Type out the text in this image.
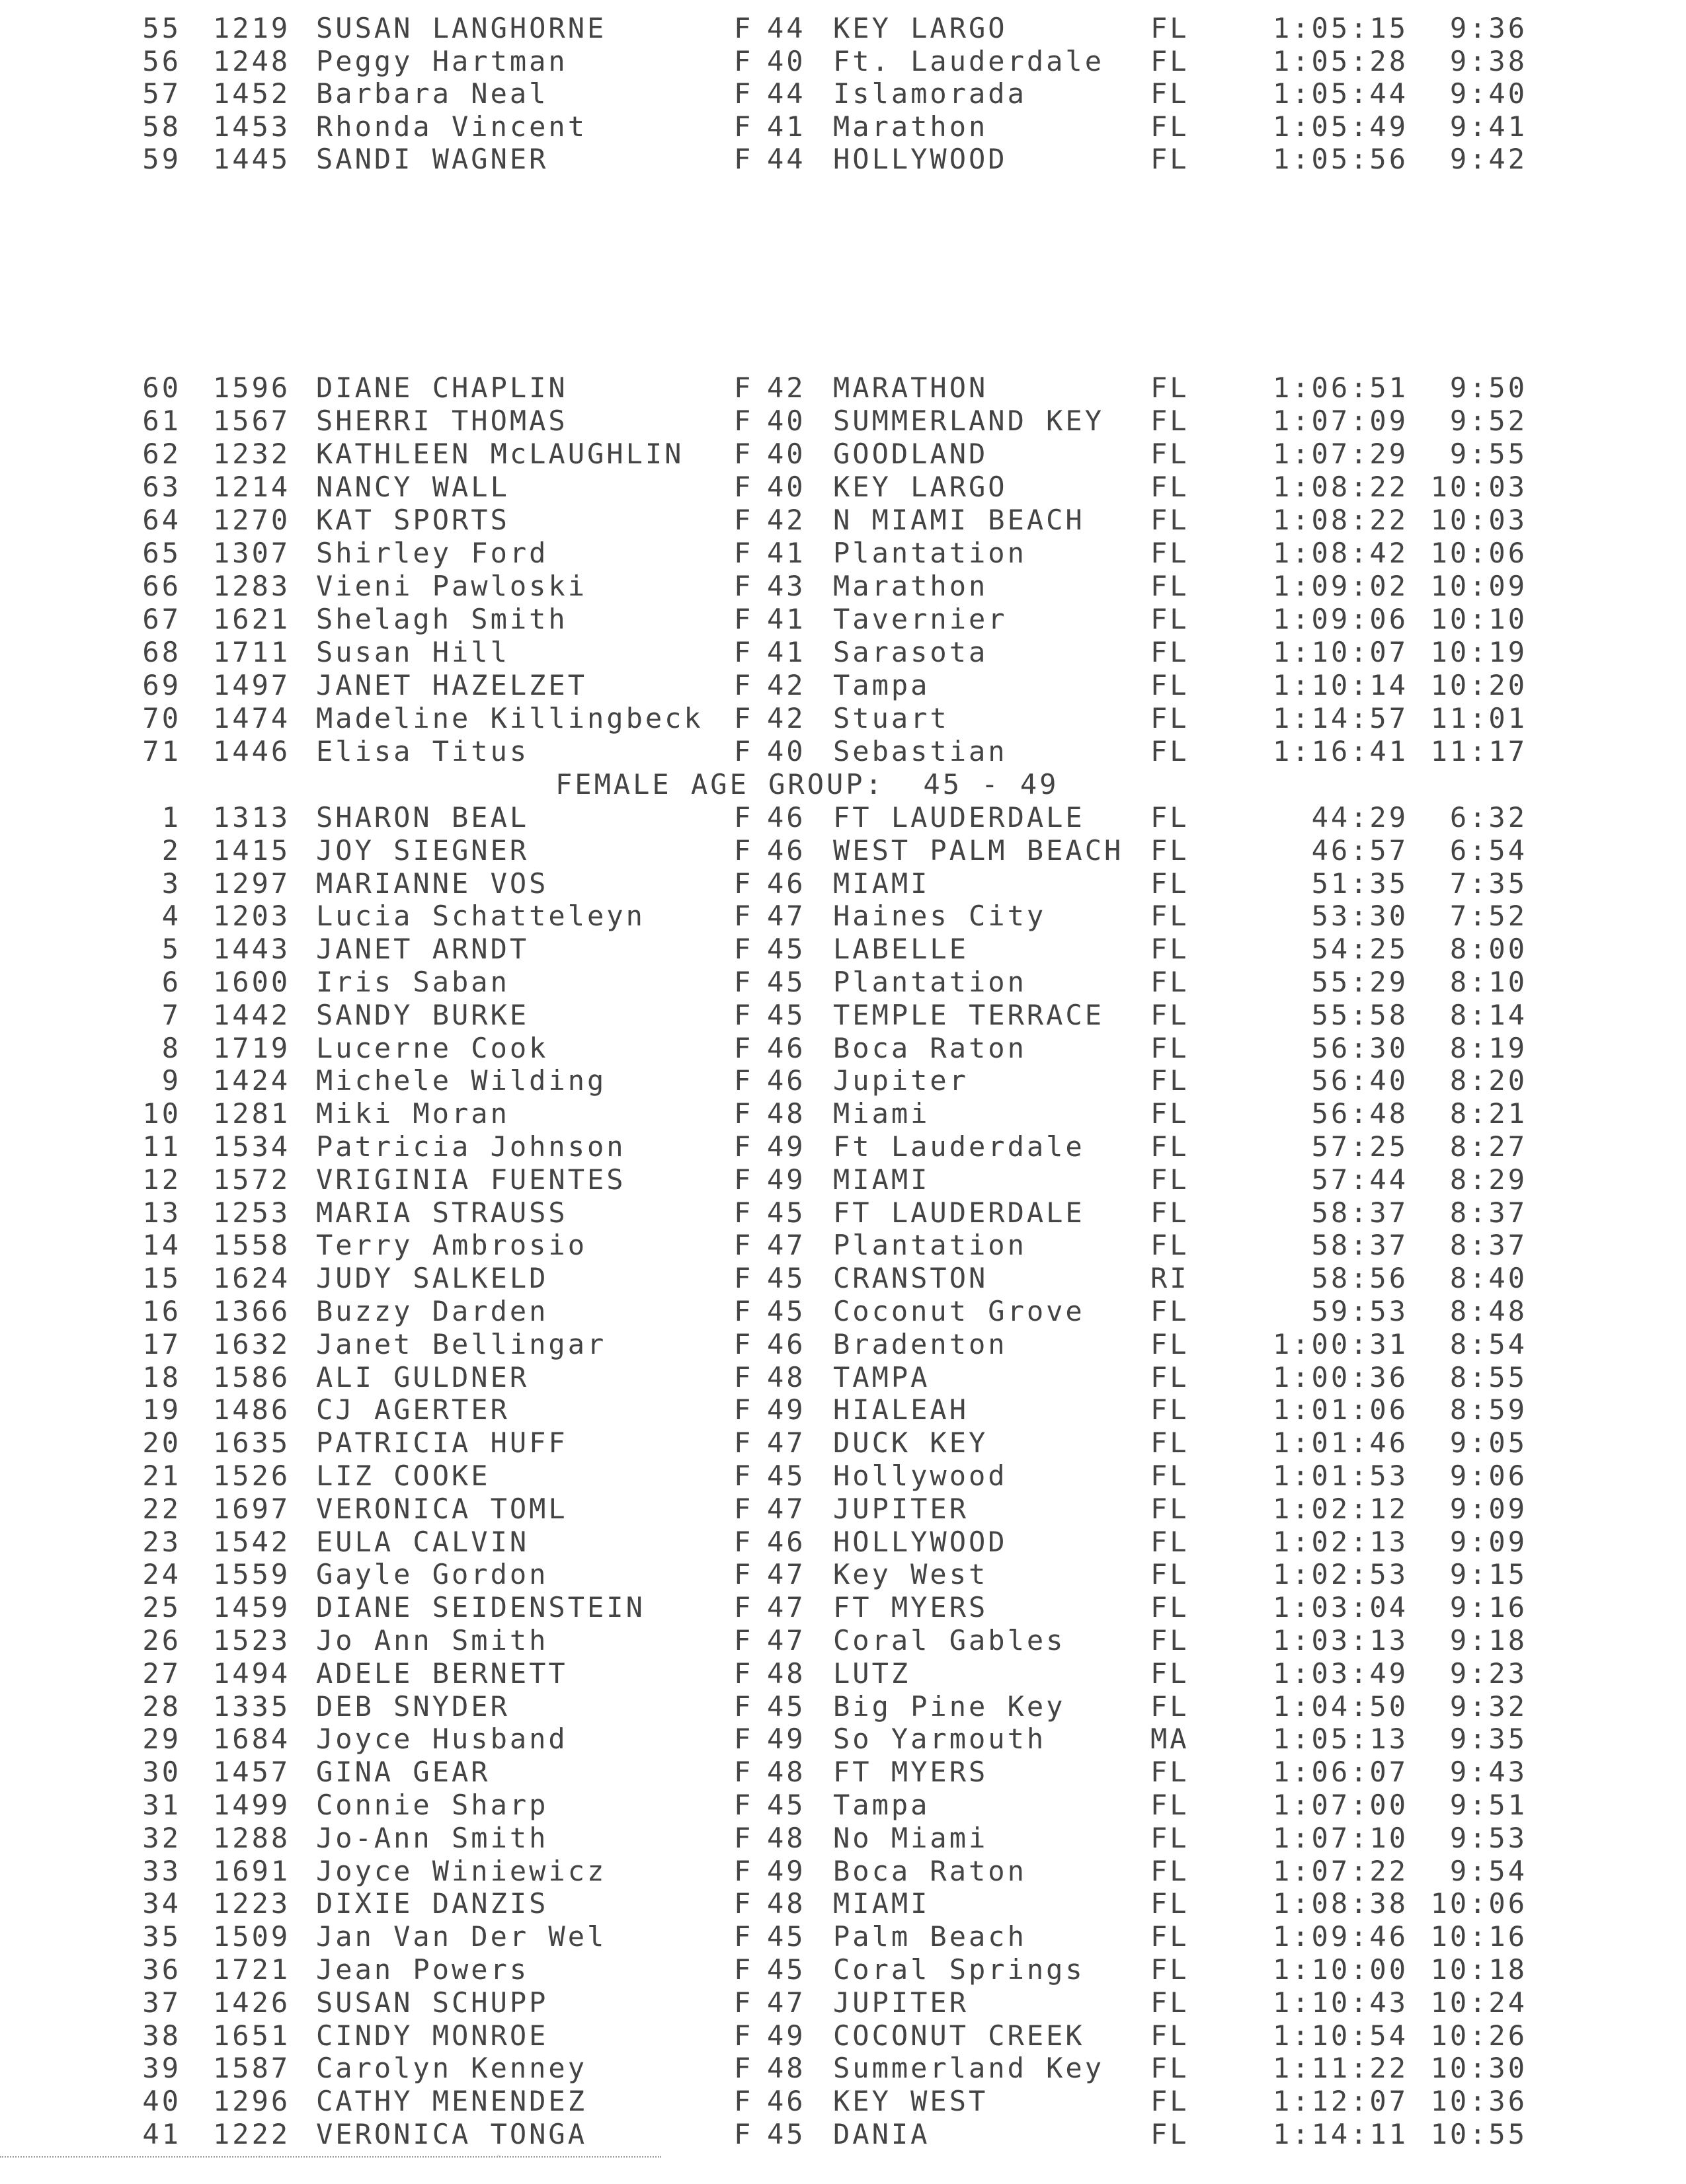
55 1219 SUSAN LANGHORNE	F 44 KEY LARGO	FL	1:05:15	9:36
56 1248 Peggy Hartman	F 40 Ft. Lauderdale FL	1:05:28	9:38
57 1452 Barbara Neal	F 44 Islamorada	FL	1:05:44	9:40
58 1453 Rhonda Vincent	F 41 Marathon	FL	1:05:49	9:41
59 1445 SANDI WAGNER	F 44 HOLLYWOOD	FL	1:05:56	9:42
60 1596 DIANE CHAPLIN	F 42 MARATHON	FL	1:06:51	9:50
61 1567 SHERRI THOMAS	F 40 SUMMERLAND KEY FL	1:07:09	9:52
62 1232 KATHLEEN McLAUGHLIN F 40 GOODLAND	FL	1:07:29	9:55
63 1214 NANCY WALL	F 40 KEY LARGO	FL	1:08:22 10:03
64 1270 KAT SPORTS	F 42 N MIAMI BEACH FL	1:08:22 10:03
65 1307 Shirley Ford	F 41 Plantation	FL	1:08:42 10:06
66 1283 Vieni Pawloski	F 43 Marathon	FL	1:09:02 10:09
67 1621 Shelagh Smith	F 41 Tavernier	FL	1:09:06 10:10
68 1711 Susan Hill	F 41 Sarasota	FL	1:10:07 10:19
69 1497 JANET HAZELZET	F 42 Tampa	FL	1:10:14 10:20
70 1474 Madeline Killingbeck F 42 Stuart	FL	1:14:57 11:01
71 1446 Elisa Titus	F 40 Sebastian	FL	1:16:41 11:17
FEMALE AGE GROUP:  45 - 49
1 1313 SHARON BEAL	F 46 FT LAUDERDALE FL	44:29	6:32
2 1415 JOY SIEGNER	F 46 WEST PALM BEACH FL	46:57	6:54
3 1297 MARIANNE VOS	F 46 MIAMI	FL	51:35	7:35
4 1203 Lucia Schatteleyn	F 47 Haines City	FL	53:30	7:52
5 1443 JANET ARNDT	F 45 LABELLE	FL	54:25	8:00
6 1600 Iris Saban	F 45 Plantation	FL	55:29	8:10
7 1442 SANDY BURKE	F 45 TEMPLE TERRACE FL	55:58	8:14
8 1719 Lucerne Cook	F 46 Boca Raton	FL	56:30	8:19
9 1424 Michele Wilding	F 46 Jupiter	FL	56:40	8:20
10 1281 Miki Moran	F 48 Miami	FL	56:48	8:21
11 1534 Patricia Johnson	F 49 Ft Lauderdale FL	57:25	8:27
12 1572 VRIGINIA FUENTES	F 49 MIAMI	FL	57:44	8:29
13 1253 MARIA STRAUSS	F 45 FT LAUDERDALE FL	58:37	8:37
14 1558 Terry Ambrosio	F 47 Plantation	FL	58:37	8:37
15 1624 JUDY SALKELD	F 45 CRANSTON	RI	58:56	8:40
16 1366 Buzzy Darden	F 45 Coconut Grove FL	59:53	8:48
17 1632 Janet Bellingar	F 46 Bradenton	FL	1:00:31	8:54
18 1586 ALI GULDNER	F 48 TAMPA	FL	1:00:36	8:55
19 1486 CJ AGERTER	F 49 HIALEAH	FL	1:01:06	8:59
20 1635 PATRICIA HUFF	F 47 DUCK KEY	FL	1:01:46	9:05
21 1526 LIZ COOKE	F 45 Hollywood	FL	1:01:53	9:06
22 1697 VERONICA TOML	F 47 JUPITER	FL	1:02:12	9:09
23 1542 EULA CALVIN	F 46 HOLLYWOOD	FL	1:02:13	9:09
24 1559 Gayle Gordon	F 47 Key West	FL	1:02:53	9:15
25 1459 DIANE SEIDENSTEIN	F 47 FT MYERS	FL	1:03:04	9:16
26 1523 Jo Ann Smith	F 47 Coral Gables	FL	1:03:13	9:18
27 1494 ADELE BERNETT	F 48 LUTZ	FL	1:03:49	9:23
28 1335 DEB SNYDER	F 45 Big Pine Key	FL	1:04:50	9:32
29 1684 Joyce Husband	F 49 So Yarmouth	MA	1:05:13	9:35
30 1457 GINA GEAR	F 48 FT MYERS	FL	1:06:07	9:43
31 1499 Connie Sharp	F 45 Tampa	FL	1:07:00	9:51
32 1288 Jo-Ann Smith	F 48 No Miami	FL	1:07:10	9:53
33 1691 Joyce Winiewicz	F 49 Boca Raton	FL	1:07:22	9:54
34 1223 DIXIE DANZIS	F 48 MIAMI	FL	1:08:38 10:06
35 1509 Jan Van Der Wel	F 45 Palm Beach	FL	1:09:46 10:16
36 1721 Jean Powers	F 45 Coral Springs FL	1:10:00 10:18
37 1426 SUSAN SCHUPP	F 47 JUPITER	FL	1:10:43 10:24
38 1651 CINDY MONROE	F 49 COCONUT CREEK FL	1:10:54 10:26
39 1587 Carolyn Kenney	F 48 Summerland Key FL	1:11:22 10:30
40 1296 CATHY MENENDEZ	F 46 KEY WEST	FL	1:12:07 10:36
41 1222 VERONICA TONGA	F 45 DANIA	FL	1:14:11 10:55
